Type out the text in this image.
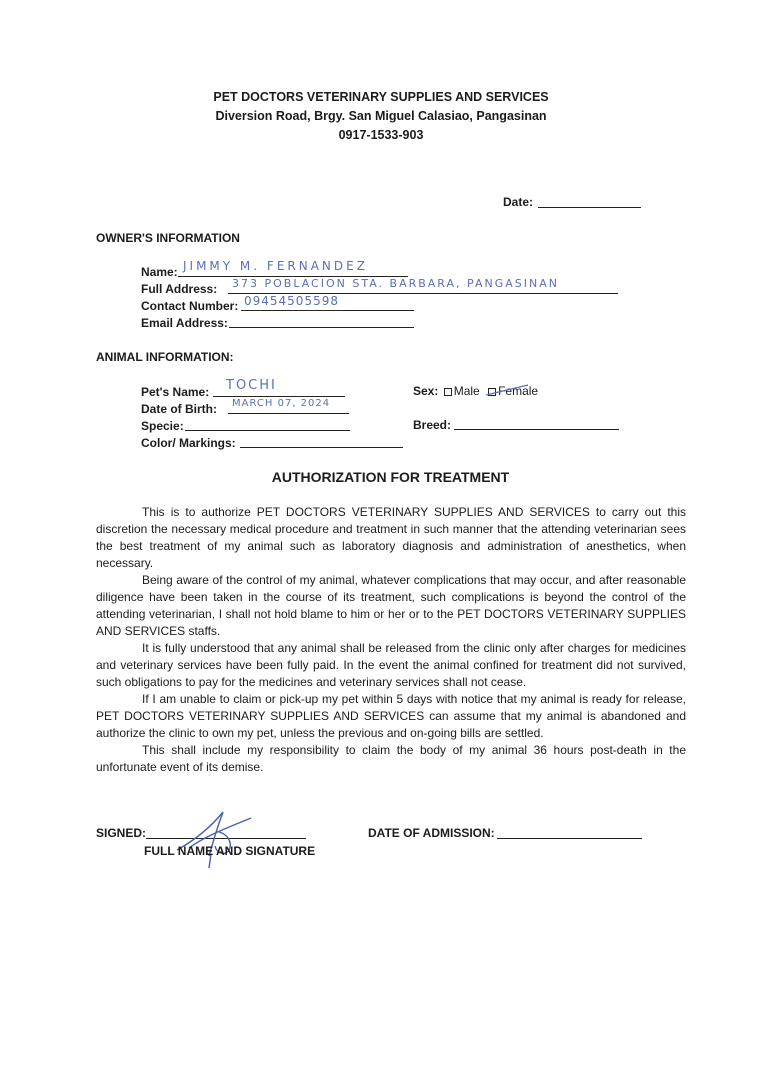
PET DOCTORS VETERINARY SUPPLIES AND SERVICES
Diversion Road, Brgy. San Miguel Calasiao, Pangasinan
0917-1533-903
Date:
OWNER'S INFORMATION
Name: JIMMY M. FERNANDEZ
Full Address: 373 POBLACION STA. BARBARA, PANGASINAN
Contact Number: 09454505598
Email Address:
ANIMAL INFORMATION:
Pet's Name: TOCHI
Date of Birth: MARCH 07, 2024
Specie:
Color/ Markings:
Sex: Male Female
Breed:
AUTHORIZATION FOR TREATMENT

This is to authorize PET DOCTORS VETERINARY SUPPLIES AND SERVICES to carry out this discretion the necessary medical procedure and treatment in such manner that the attending veterinarian sees the best treatment of my animal such as laboratory diagnosis and administration of anesthetics, when necessary.

Being aware of the control of my animal, whatever complications that may occur, and after reasonable diligence have been taken in the course of its treatment, such complications is beyond the control of the attending veterinarian, I shall not hold blame to him or her or to the PET DOCTORS VETERINARY SUPPLIES AND SERVICES staffs.

It is fully understood that any animal shall be released from the clinic only after charges for medicines and veterinary services have been fully paid. In the event the animal confined for treatment did not survived, such obligations to pay for the medicines and veterinary services shall not cease.

If I am unable to claim or pick-up my pet within 5 days with notice that my animal is ready for release, PET DOCTORS VETERINARY SUPPLIES AND SERVICES can assume that my animal is abandoned and authorize the clinic to own my pet, unless the previous and on-going bills are settled.

This shall include my responsibility to claim the body of my animal 36 hours post-death in the unfortunate event of its demise.

SIGNED:
FULL NAME AND SIGNATURE
DATE OF ADMISSION:
